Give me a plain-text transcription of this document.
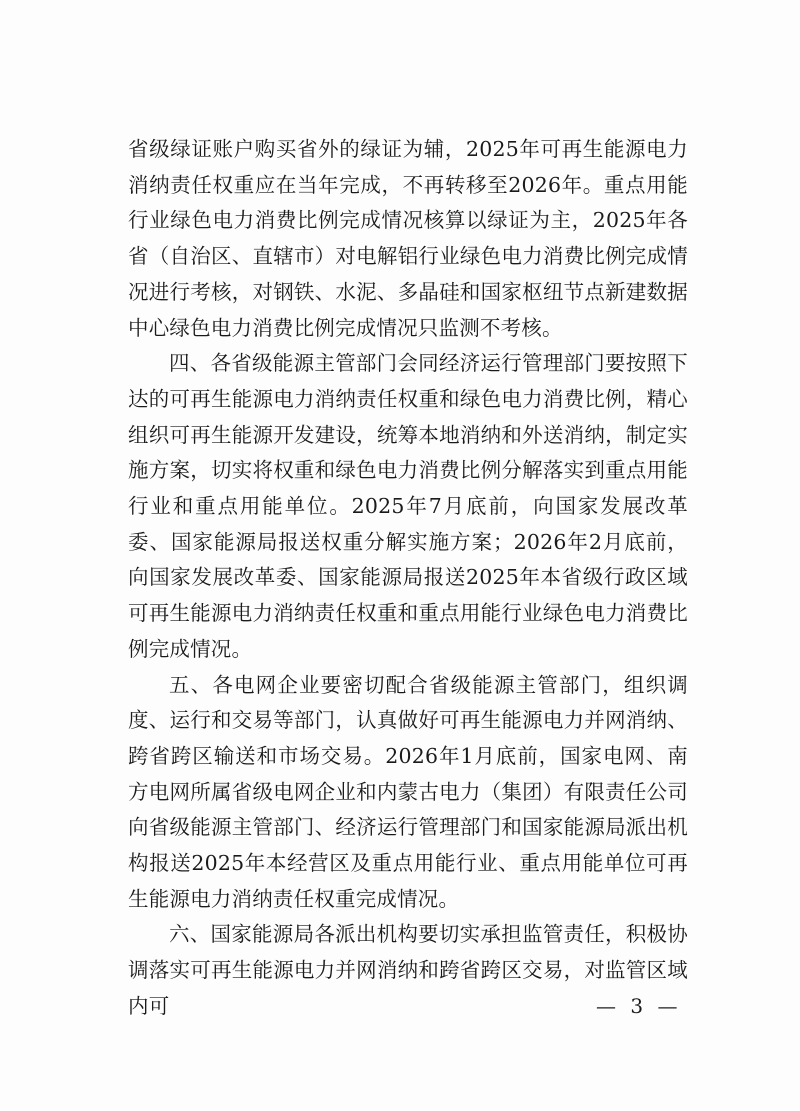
省级绿证账户购买省外的绿证为辅，2025年可再生能源电力消纳责任权重应在当年完成，不再转移至2026年。重点用能行业绿色电力消费比例完成情况核算以绿证为主，2025年各省（自治区、直辖市）对电解铝行业绿色电力消费比例完成情况进行考核，对钢铁、水泥、多晶硅和国家枢纽节点新建数据中心绿色电力消费比例完成情况只监测不考核。

四、各省级能源主管部门会同经济运行管理部门要按照下达的可再生能源电力消纳责任权重和绿色电力消费比例，精心组织可再生能源开发建设，统筹本地消纳和外送消纳，制定实施方案，切实将权重和绿色电力消费比例分解落实到重点用能行业和重点用能单位。2025年7月底前，向国家发展改革委、国家能源局报送权重分解实施方案；2026年2月底前，向国家发展改革委、国家能源局报送2025年本省级行政区域可再生能源电力消纳责任权重和重点用能行业绿色电力消费比例完成情况。

五、各电网企业要密切配合省级能源主管部门，组织调度、运行和交易等部门，认真做好可再生能源电力并网消纳、跨省跨区输送和市场交易。2026年1月底前，国家电网、南方电网所属省级电网企业和内蒙古电力（集团）有限责任公司向省级能源主管部门、经济运行管理部门和国家能源局派出机构报送2025年本经营区及重点用能行业、重点用能单位可再生能源电力消纳责任权重完成情况。

六、国家能源局各派出机构要切实承担监管责任，积极协调落实可再生能源电力并网消纳和跨省跨区交易，对监管区域内可	— 3 —
